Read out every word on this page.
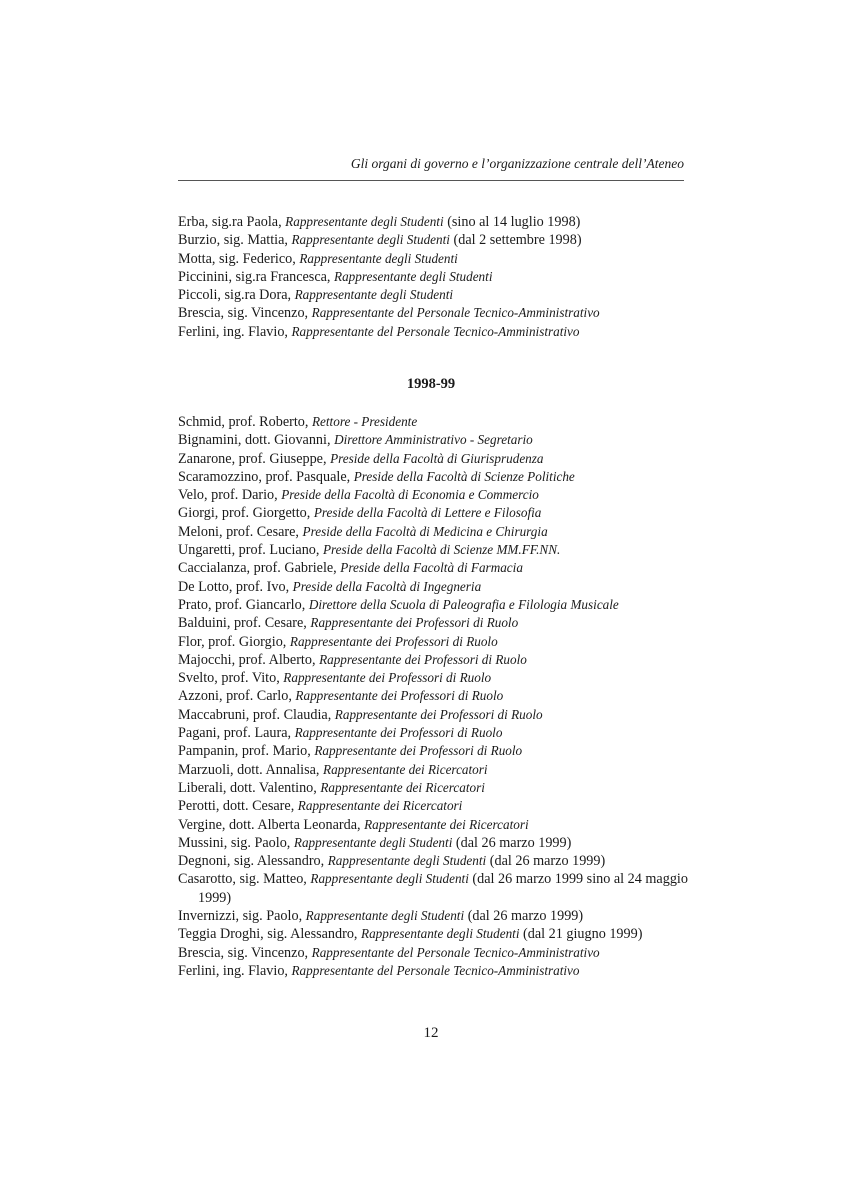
Gli organi di governo e l’organizzazione centrale dell’Ateneo
Erba, sig.ra Paola, Rappresentante degli Studenti (sino al 14 luglio 1998)
Burzio, sig. Mattia, Rappresentante degli Studenti (dal 2 settembre 1998)
Motta, sig. Federico, Rappresentante degli Studenti
Piccinini, sig.ra Francesca, Rappresentante degli Studenti
Piccoli, sig.ra Dora, Rappresentante degli Studenti
Brescia, sig. Vincenzo, Rappresentante del Personale Tecnico-Amministrativo
Ferlini, ing. Flavio, Rappresentante del Personale Tecnico-Amministrativo
1998-99
Schmid, prof. Roberto, Rettore - Presidente
Bignamini, dott. Giovanni, Direttore Amministrativo - Segretario
Zanarone, prof. Giuseppe, Preside della Facoltà di Giurisprudenza
Scaramozzino, prof. Pasquale, Preside della Facoltà di Scienze Politiche
Velo, prof. Dario, Preside della Facoltà di Economia e Commercio
Giorgi, prof. Giorgetto, Preside della Facoltà di Lettere e Filosofia
Meloni, prof. Cesare, Preside della Facoltà di Medicina e Chirurgia
Ungaretti, prof. Luciano, Preside della Facoltà di Scienze MM.FF.NN.
Caccialanza, prof. Gabriele, Preside della Facoltà di Farmacia
De Lotto, prof. Ivo, Preside della Facoltà di Ingegneria
Prato, prof. Giancarlo, Direttore della Scuola di Paleografia e Filologia Musicale
Balduini, prof. Cesare, Rappresentante dei Professori di Ruolo
Flor, prof. Giorgio, Rappresentante dei Professori di Ruolo
Majocchi, prof. Alberto, Rappresentante dei Professori di Ruolo
Svelto, prof. Vito, Rappresentante dei Professori di Ruolo
Azzoni, prof. Carlo, Rappresentante dei Professori di Ruolo
Maccabruni, prof. Claudia, Rappresentante dei Professori di Ruolo
Pagani, prof. Laura, Rappresentante dei Professori di Ruolo
Pampanin, prof. Mario, Rappresentante dei Professori di Ruolo
Marzuoli, dott. Annalisa, Rappresentante dei Ricercatori
Liberali, dott. Valentino, Rappresentante dei Ricercatori
Perotti, dott. Cesare, Rappresentante dei Ricercatori
Vergine, dott. Alberta Leonarda, Rappresentante dei Ricercatori
Mussini, sig. Paolo, Rappresentante degli Studenti (dal 26 marzo 1999)
Degnoni, sig. Alessandro, Rappresentante degli Studenti (dal 26 marzo 1999)
Casarotto, sig. Matteo, Rappresentante degli Studenti (dal 26 marzo 1999 sino al 24 maggio 1999)
Invernizzi, sig. Paolo, Rappresentante degli Studenti (dal 26 marzo 1999)
Teggia Droghi, sig. Alessandro, Rappresentante degli Studenti (dal 21 giugno 1999)
Brescia, sig. Vincenzo, Rappresentante del Personale Tecnico-Amministrativo
Ferlini, ing. Flavio, Rappresentante del Personale Tecnico-Amministrativo
12
